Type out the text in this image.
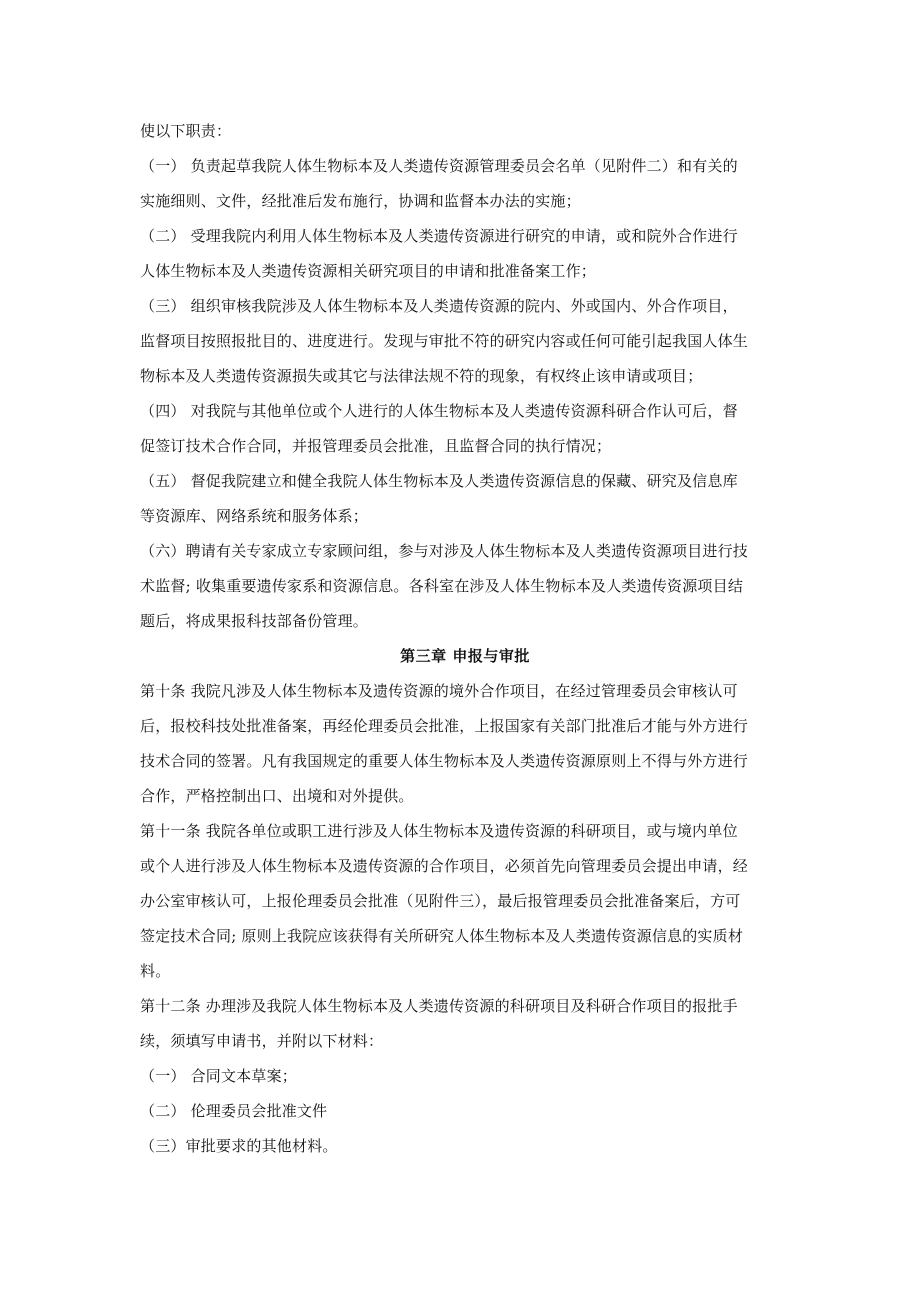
使以下职责：

（一） 负责起草我院人体生物标本及人类遗传资源管理委员会名单（见附件二）和有关的
实施细则、文件，经批准后发布施行，协调和监督本办法的实施；

（二） 受理我院内利用人体生物标本及人类遗传资源进行研究的申请，或和院外合作进行
人体生物标本及人类遗传资源相关研究项目的申请和批准备案工作；

（三） 组织审核我院涉及人体生物标本及人类遗传资源的院内、外或国内、外合作项目，
监督项目按照报批目的、进度进行。发现与审批不符的研究内容或任何可能引起我国人体生
物标本及人类遗传资源损失或其它与法律法规不符的现象，有权终止该申请或项目；

（四） 对我院与其他单位或个人进行的人体生物标本及人类遗传资源科研合作认可后，督
促签订技术合作合同，并报管理委员会批准，且监督合同的执行情况；

（五） 督促我院建立和健全我院人体生物标本及人类遗传资源信息的保藏、研究及信息库
等资源库、网络系统和服务体系；

（六）聘请有关专家成立专家顾问组，参与对涉及人体生物标本及人类遗传资源项目进行技
术监督; 收集重要遗传家系和资源信息。各科室在涉及人体生物标本及人类遗传资源项目结
题后，将成果报科技部备份管理。

第三章 申报与审批

第十条 我院凡涉及人体生物标本及遗传资源的境外合作项目，在经过管理委员会审核认可
后，报校科技处批准备案，再经伦理委员会批准，上报国家有关部门批准后才能与外方进行
技术合同的签署。凡有我国规定的重要人体生物标本及人类遗传资源原则上不得与外方进行
合作，严格控制出口、出境和对外提供。

第十一条 我院各单位或职工进行涉及人体生物标本及遗传资源的科研项目，或与境内单位
或个人进行涉及人体生物标本及遗传资源的合作项目，必须首先向管理委员会提出申请，经
办公室审核认可，上报伦理委员会批准（见附件三），最后报管理委员会批准备案后，方可
签定技术合同; 原则上我院应该获得有关所研究人体生物标本及人类遗传资源信息的实质材
料。

第十二条 办理涉及我院人体生物标本及人类遗传资源的科研项目及科研合作项目的报批手
续，须填写申请书，并附以下材料：

（一） 合同文本草案；
（二） 伦理委员会批准文件
（三）审批要求的其他材料。
